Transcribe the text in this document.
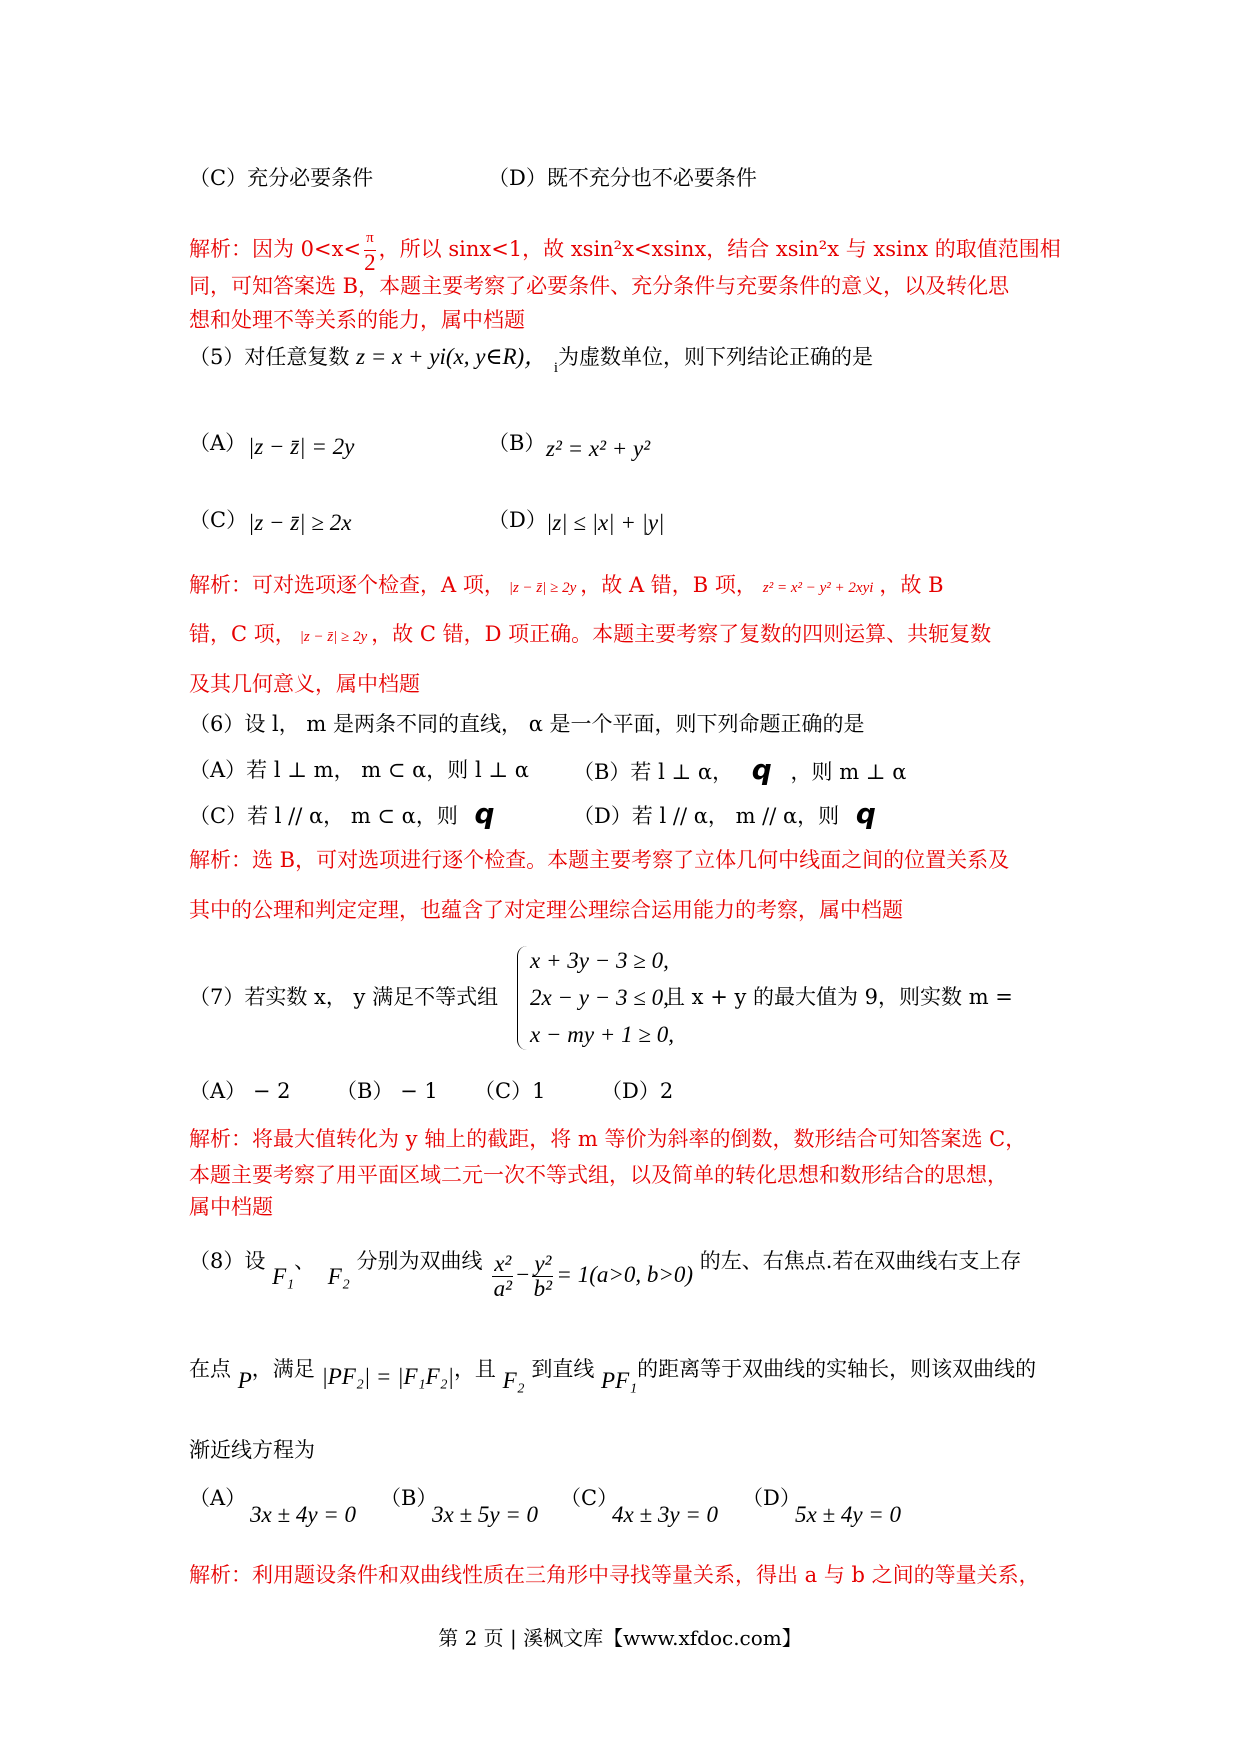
（C）充分必要条件	（D）既不充分也不必要条件
解析：因为 $0<x< \frac{\pi}{2}$ ，所以 sinx<1，故 xsin²x<xsinx，结合 xsin²x 与 xsinx 的取值范围相
同，可知答案选 B，本题主要考察了必要条件、充分条件与充要条件的意义，以及转化思
想和处理不等关系的能力，属中档题
（5）对任意复数 z = x + yi(x, y∈R)， $_i$为虚数单位，则下列结论正确的是
（A） |z − z̄| = 2y	（B） z² = x² + y²
（C） |z − z̄| ≥ 2x	（D） |z| ≤ |x| + |y|
解析：可对选项逐个检查，A 项， |z − z̄| ≥ 2y ，故 A 错，B 项， z² = x² − y² + 2xyi ，故 B
错，C 项， |z − z̄| ≥ 2y ，故 C 错，D 项正确。本题主要考察了复数的四则运算、共轭复数
及其几何意义，属中档题
（6）设 l， m 是两条不同的直线， α 是一个平面，则下列命题正确的是
（A）若 l ⊥ m， m ⊂ α，则 l ⊥ α （B）若 l ⊥ α， q ，则 m ⊥ α
（C）若 l // α， m ⊂ α，则 q	（D）若 l // α， m // α，则 q
解析：选 B，可对选项进行逐个检查。本题主要考察了立体几何中线面之间的位置关系及
其中的公理和判定定理，也蕴含了对定理公理综合运用能力的考察，属中档题
（7）若实数 x， y 满足不等式组
x + 3y − 3 ≥ 0,
2x − y − 3 ≤ 0,
x − my + 1 ≥ 0,
且 x + y 的最大值为 9，则实数 m =
（A） − 2 （B） − 1 （C）1	（D）2
解析：将最大值转化为 y 轴上的截距，将 m 等价为斜率的倒数，数形结合可知答案选 C，
本题主要考察了用平面区域二元一次不等式组，以及简单的转化思想和数形结合的思想，
属中档题
（8）设 F₁、 F₂ 分别为双曲线 $\frac{\text{x²}}{\text{a²}} - \frac{\text{y²}}{\text{b²}} = 1(a>0$, b>0) 的左、右焦点.若在双曲线右支上存
在点 P，满足 |PF₂| = |F₁F₂|，且 F₂ 到直线 PF₁的距离等于双曲线的实轴长，则该双曲线的
渐近线方程为
（A）
3x ± 4y = 0
（B）
3x ± 5y = 0
（C）
4x ± 3y = 0
（D）
5x ± 4y = 0
解析：利用题设条件和双曲线性质在三角形中寻找等量关系，得出 a 与 b 之间的等量关系，
第 2 页 | 溪枫文库【www.xfdoc.com】
